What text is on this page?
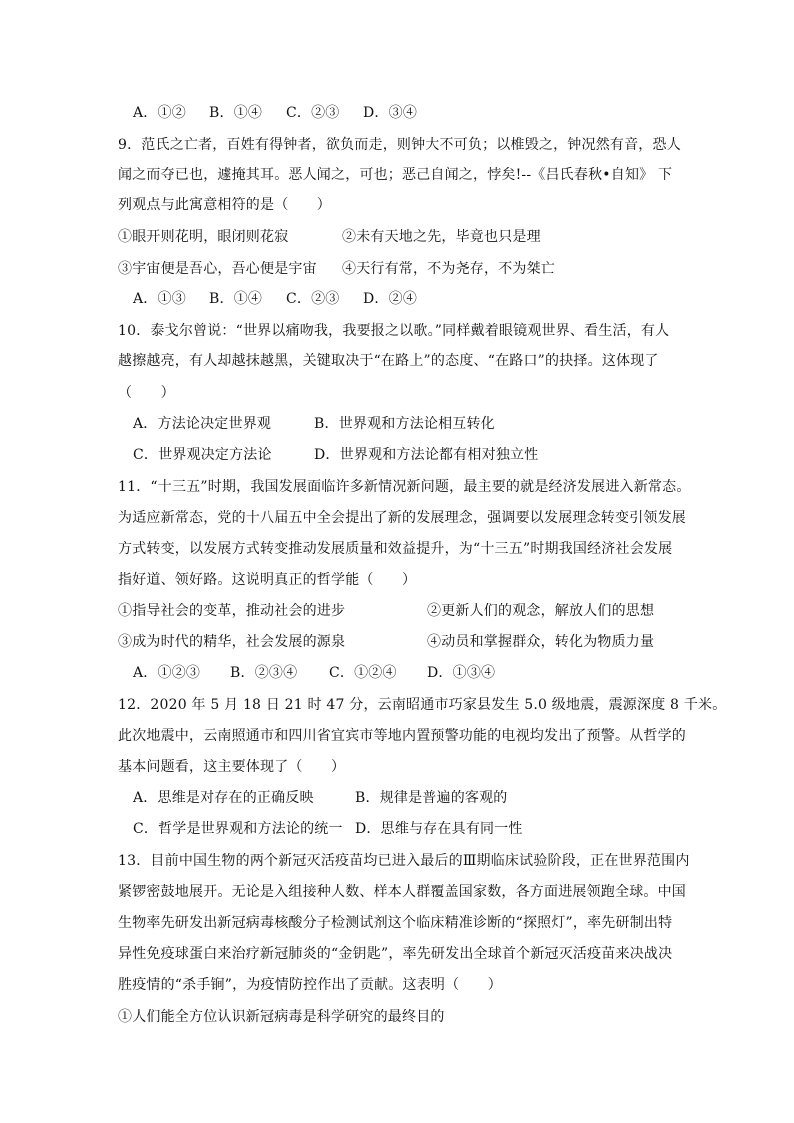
A．①② B．①④ C．②③ D．③④
9．范氏之亡者，百姓有得钟者，欲负而走，则钟大不可负；以椎毁之，钟况然有音，恐人
闻之而夺已也，遽掩其耳。恶人闻之，可也；恶己自闻之，悖矣!--《吕氏春秋•自知》 下
列观点与此寓意相符的是（　　）
①眼开则花明，眼闭则花寂	②未有天地之先，毕竟也只是理
③宇宙便是吾心，吾心便是宇宙 ④天行有常，不为尧存，不为桀亡
A．①③ B．①④ C．②③ D．②④
10．泰戈尔曾说：“世界以痛吻我，我要报之以歌。”同样戴着眼镜观世界、看生活，有人
越擦越亮，有人却越抹越黑，关键取决于“在路上”的态度、“在路口”的抉择。这体现了
（　　）
A．方法论决定世界观	B．世界观和方法论相互转化
C．世界观决定方法论	D．世界观和方法论都有相对独立性
11．“十三五”时期，我国发展面临许多新情况新问题，最主要的就是经济发展进入新常态。
为适应新常态，党的十八届五中全会提出了新的发展理念，强调要以发展理念转变引领发展
方式转变，以发展方式转变推动发展质量和效益提升，为“十三五”时期我国经济社会发展
指好道、领好路。这说明真正的哲学能（　　）
①指导社会的变革，推动社会的进步	②更新人们的观念，解放人们的思想
③成为时代的精华，社会发展的源泉	④动员和掌握群众，转化为物质力量
A．①②③ B．②③④ C．①②④ D．①③④
12．2020 年 5 月 18 日 21 时 47 分，云南昭通市巧家县发生 5.0 级地震，震源深度 8 千米。
此次地震中，云南照通市和四川省宜宾市等地内置预警功能的电视均发出了预警。从哲学的
基本问题看，这主要体现了（　　）
A．思维是对存在的正确反映	B．规律是普遍的客观的
C．哲学是世界观和方法论的统一 D．思维与存在具有同一性
13．目前中国生物的两个新冠灭活疫苗均已进入最后的Ⅲ期临床试验阶段，正在世界范围内
紧锣密鼓地展开。无论是入组接种人数、样本人群覆盖国家数，各方面进展领跑全球。中国
生物率先研发出新冠病毒核酸分子检测试剂这个临床精准诊断的“探照灯”，率先研制出特
异性免疫球蛋白来治疗新冠肺炎的“金钥匙”，率先研发出全球首个新冠灭活疫苗来决战决
胜疫情的“杀手锏”，为疫情防控作出了贡献。这表明（　　）
①人们能全方位认识新冠病毒是科学研究的最终目的
